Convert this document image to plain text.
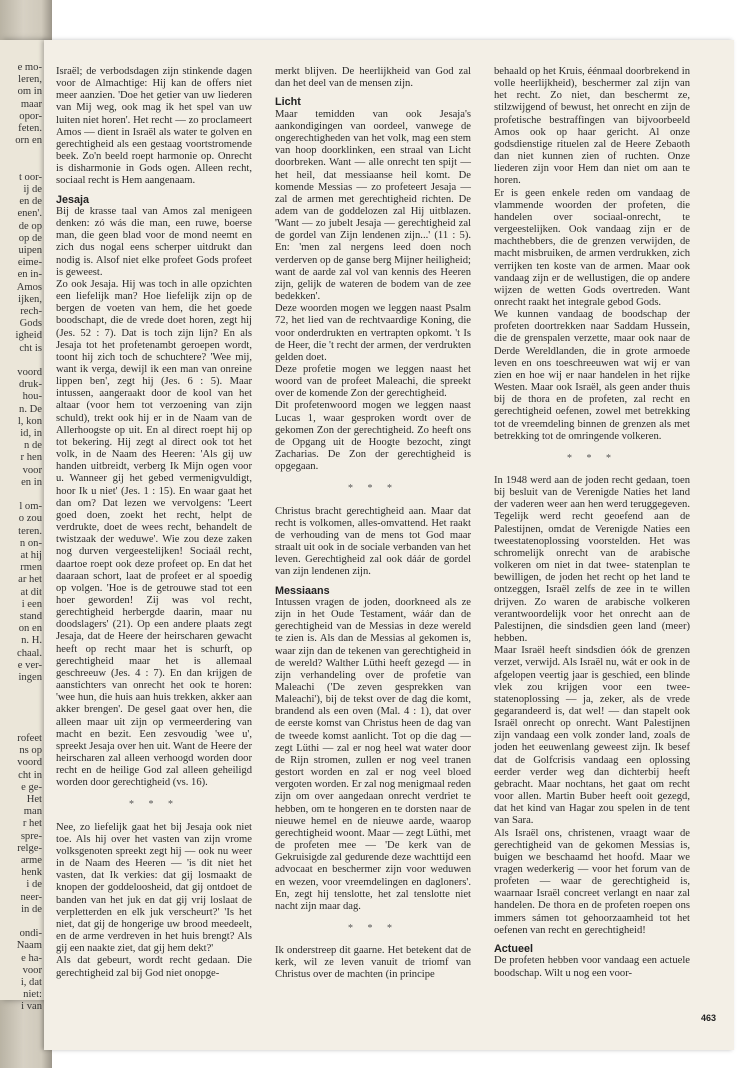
e mo-
leren,
om in
maar
opor-
feten.
orn en
t oor-
ij de
en de
enen'.
de op
op de
uipen
eime-
en in-
Amos
ijken,
rech-
Gods
igheid
cht is
voord
druk-
hou-
n. De
l, kon
id, in
n de
r hen
voor
en in
l om-
o zou
teren.
n on-
at hij
rmen
ar het
at dit
i een
stand
on en
n. H.
chaal.
e ver-
ingen
rofeet
ns op
voord
cht in
e ge-
Het
man
r het
spre-
relge-
arme
henk
i de
neer-
in de
ondi-
Naam
e ha-
voor
i, dat
niet:
i van

Israël; de verbodsdagen zijn stinkende dagen voor de Almachtige: Hij kan de offers niet meer aanzien. 'Doe het getier van uw liederen van Mij weg, ook mag ik het spel van uw luiten niet horen'. Het recht — zo proclameert Amos — dient in Israël als water te golven en gerechtigheid als een gestaag voortstromende beek. Zo'n beeld roept harmonie op. Onrecht is disharmonie in Gods ogen. Alleen recht, sociaal recht is Hem aangenaam.

Jesaja

Bij de krasse taal van Amos zal menigeen denken: zó wás die man, een ruwe, boerse man, die geen blad voor de mond neemt en zich dus nogal eens scherper uitdrukt dan nodig is. Alsof niet elke profeet Gods profeet is geweest.

Zo ook Jesaja. Hij was toch in alle opzichten een liefelijk man? Hoe liefelijk zijn op de bergen de voeten van hem, die het goede boodschapt, die de vrede doet horen, zegt hij (Jes. 52 : 7). Dat is toch zijn lijn? En als Jesaja tot het profetenambt geroepen wordt, toont hij zich toch de schuchtere? 'Wee mij, want ik verga, dewijl ik een man van onreine lippen ben', zegt hij (Jes. 6 : 5). Maar intussen, aangeraakt door de kool van het altaar (voor hem tot verzoening van zijn schuld), trekt ook hij er in de Naam van de Allerhoogste op uit. En al direct roept hij op tot bekering. Hij zegt al direct ook tot het volk, in de Naam des Heeren: 'Als gij uw handen uitbreidt, verberg Ik Mijn ogen voor u. Wanneer gij het gebed vermenigvuldigt, hoor Ik u niet' (Jes. 1 : 15). En waar gaat het dan om? Dat lezen we vervolgens: 'Leert goed doen, zoekt het recht, helpt de verdrukte, doet de wees recht, behandelt de twistzaak der weduwe'. Wie zou deze zaken nog durven vergeestelijken! Sociaál recht, daartoe roept ook deze profeet op. En dat het daaraan schort, laat de profeet er al spoedig op volgen. 'Hoe is de getrouwe stad tot een hoer geworden! Zij was vol recht, gerechtigheid herbergde daarin, maar nu doodslagers' (21). Op een andere plaats zegt Jesaja, dat de Heere der heirscharen gewacht heeft op recht maar het is schurft, op gerechtigheid maar het is allemaal geschreeuw (Jes. 4 : 7). En dan krijgen de aanstichters van onrecht het ook te horen: 'wee hun, die huis aan huis trekken, akker aan akker brengen'. De gesel gaat over hen, die alleen maar uit zijn op vermeerdering van macht en bezit. Een zesvoudig 'wee u', spreekt Jesaja over hen uit. Want de Heere der heirscharen zal alleen verhoogd worden door recht en de heilige God zal alleen geheiligd worden door gerechtigheid (vs. 16).

* * *

Nee, zo liefelijk gaat het bij Jesaja ook niet toe. Als hij over het vasten van zijn vrome volksgenoten spreekt zegt hij — ook nu weer in de Naam des Heeren — 'is dit niet het vasten, dat Ik verkies: dat gij losmaakt de knopen der goddeloosheid, dat gij ontdoet de banden van het juk en dat gij vrij loslaat de verpletterden en elk juk verscheurt?' 'Is het niet, dat gij de hongerige uw brood meedeelt, en de arme verdreven in het huis brengt? Als gij een naakte ziet, dat gij hem dekt?'

Als dat gebeurt, wordt recht gedaan. Die gerechtigheid zal bij God niet onopge-

merkt blijven. De heerlijkheid van God zal dan het deel van de mensen zijn.

Licht

Maar temidden van ook Jesaja's aankondigingen van oordeel, vanwege de ongerechtigheden van het volk, mag een stem van hoop doorklinken, een straal van Licht doorbreken. Want — alle onrecht ten spijt — het heil, dat messiaanse heil komt. De komende Messias — zo profeteert Jesaja — zal de armen met gerechtigheid richten. De adem van de goddelozen zal Hij uitblazen. 'Want — zo jubelt Jesaja — gerechtigheid zal de gordel van Zijn lendenen zijn...' (11 : 5). En: 'men zal nergens leed doen noch verderven op de ganse berg Mijner heiligheid; want de aarde zal vol van kennis des Heeren zijn, gelijk de wateren de bodem van de zee bedekken'.

Deze woorden mogen we leggen naast Psalm 72, het lied van de rechtvaardige Koning, die voor onderdrukten en vertrapten opkomt. 't Is de Heer, die 't recht der armen, der verdrukten gelden doet.

Deze profetie mogen we leggen naast het woord van de profeet Maleachi, die spreekt over de komende Zon der gerechtigheid.

Dit profetenwoord mogen we leggen naast Lucas 1, waar gesproken wordt over de gekomen Zon der gerechtigheid. Zo heeft ons de Opgang uit de Hoogte bezocht, zingt Zacharias. De Zon der gerechtigheid is opgegaan.

* * *

Christus bracht gerechtigheid aan. Maar dat recht is volkomen, alles-omvattend. Het raakt de verhouding van de mens tot God maar straalt uit ook in de sociale verbanden van het leven. Gerechtigheid zal ook dáár de gordel van zijn lendenen zijn.

Messiaans

Intussen vragen de joden, doorkneed als ze zijn in het Oude Testament, wáár dan de gerechtigheid van de Messias in deze wereld te zien is. Als dan de Messias al gekomen is, waar zijn dan de tekenen van gerechtigheid in de wereld? Walther Lüthi heeft gezegd — in zijn verhandeling over de profetie van Maleachi ('De zeven gesprekken van Maleachi'), bij de tekst over de dag die komt, brandend als een oven (Mal. 4 : 1), dat over de eerste komst van Christus heen de dag van de tweede komst aanlicht. Tot op die dag — zegt Lüthi — zal er nog heel wat water door de Rijn stromen, zullen er nog veel tranen gestort worden en zal er nog veel bloed vergoten worden. Er zal nog menigmaal reden zijn om over aangedaan onrecht verdriet te hebben, om te hongeren en te dorsten naar de nieuwe hemel en de nieuwe aarde, waarop gerechtigheid woont. Maar — zegt Lüthi, met de profeten mee — 'De kerk van de Gekruisigde zal gedurende deze wachttijd een advocaat en beschermer zijn voor weduwen en wezen, voor vreemdelingen en dagloners'. En, zegt hij tenslotte, het zal tenslotte niet nacht zijn maar dag.

* * *

Ik onderstreep dit gaarne. Het betekent dat de kerk, wil ze leven vanuit de triomf van Christus over de machten (in principe

behaald op het Kruis, éénmaal doorbrekend in volle heerlijkheid), beschermer zal zijn van het recht. Zo niet, dan beschermt ze, stilzwijgend of bewust, het onrecht en zijn de profetische bestraffingen van bijvoorbeeld Amos ook op haar gericht. Al onze godsdienstige rituelen zal de Heere Zebaoth dan niet kunnen zien of ruchten. Onze liederen zijn voor Hem dan niet om aan te horen.

Er is geen enkele reden om vandaag de vlammende woorden der profeten, die handelen over sociaal-onrecht, te vergeestelijken. Ook vandaag zijn er de machthebbers, die de grenzen verwijden, de macht misbruiken, de armen verdrukken, zich verrijken ten koste van de armen. Maar ook vandaag zijn er de wellustigen, die op andere wijzen de wetten Gods overtreden. Want onrecht raakt het integrale gebod Gods.

We kunnen vandaag de boodschap der profeten doortrekken naar Saddam Hussein, die de grenspalen verzette, maar ook naar de Derde Wereldlanden, die in grote armoede leven en ons toeschreeuwen wat wij er van zien en hoe wij er naar handelen in het rijke Westen. Maar ook Israël, als geen ander thuis bij de thora en de profeten, zal recht en gerechtigheid oefenen, zowel met betrekking tot de vreemdeling binnen de grenzen als met betrekking tot de omringende volkeren.

* * *

In 1948 werd aan de joden recht gedaan, toen bij besluit van de Verenigde Naties het land der vaderen weer aan hen werd teruggegeven. Tegelijk werd recht geoefend aan de Palestijnen, omdat de Verenigde Naties een tweestatenoplossing voorstelden. Het was schromelijk onrecht van de arabische volkeren om niet in dat twee- statenplan te bewilligen, de joden het recht op het land te ontzeggen, Israël zelfs de zee in te willen drijven. Zo waren de arabische volkeren verantwoordelijk voor het onrecht aan de Palestijnen, die sindsdien geen land (meer) hebben.

Maar Israël heeft sindsdien óók de grenzen verzet, verwijd. Als Israël nu, wát er ook in de afgelopen veertig jaar is geschied, een blinde vlek zou krijgen voor een twee-statenoplossing — ja, zeker, als de vrede gegarandeerd is, dat wel! — dan stapelt ook Israël onrecht op onrecht. Want Palestijnen zijn vandaag een volk zonder land, zoals de joden het eeuwenlang geweest zijn. Ik besef dat de Golfcrisis vandaag een oplossing eerder verder weg dan dichterbij heeft gebracht. Maar nochtans, het gaat om recht voor allen. Martin Buber heeft ooit gezegd, dat het kind van Hagar zou spelen in de tent van Sara.

Als Israël ons, christenen, vraagt waar de gerechtigheid van de gekomen Messias is, buigen we beschaamd het hoofd. Maar we vragen wederkerig — voor het forum van de profeten — waar de gerechtigheid is, waarnaar Israël concreet verlangt en naar zal handelen. De thora en de profeten roepen ons immers sámen tot gehoorzaamheid tot het oefenen van recht en gerechtigheid!

Actueel

De profeten hebben voor vandaag een actuele boodschap. Wilt u nog een voor-

463
